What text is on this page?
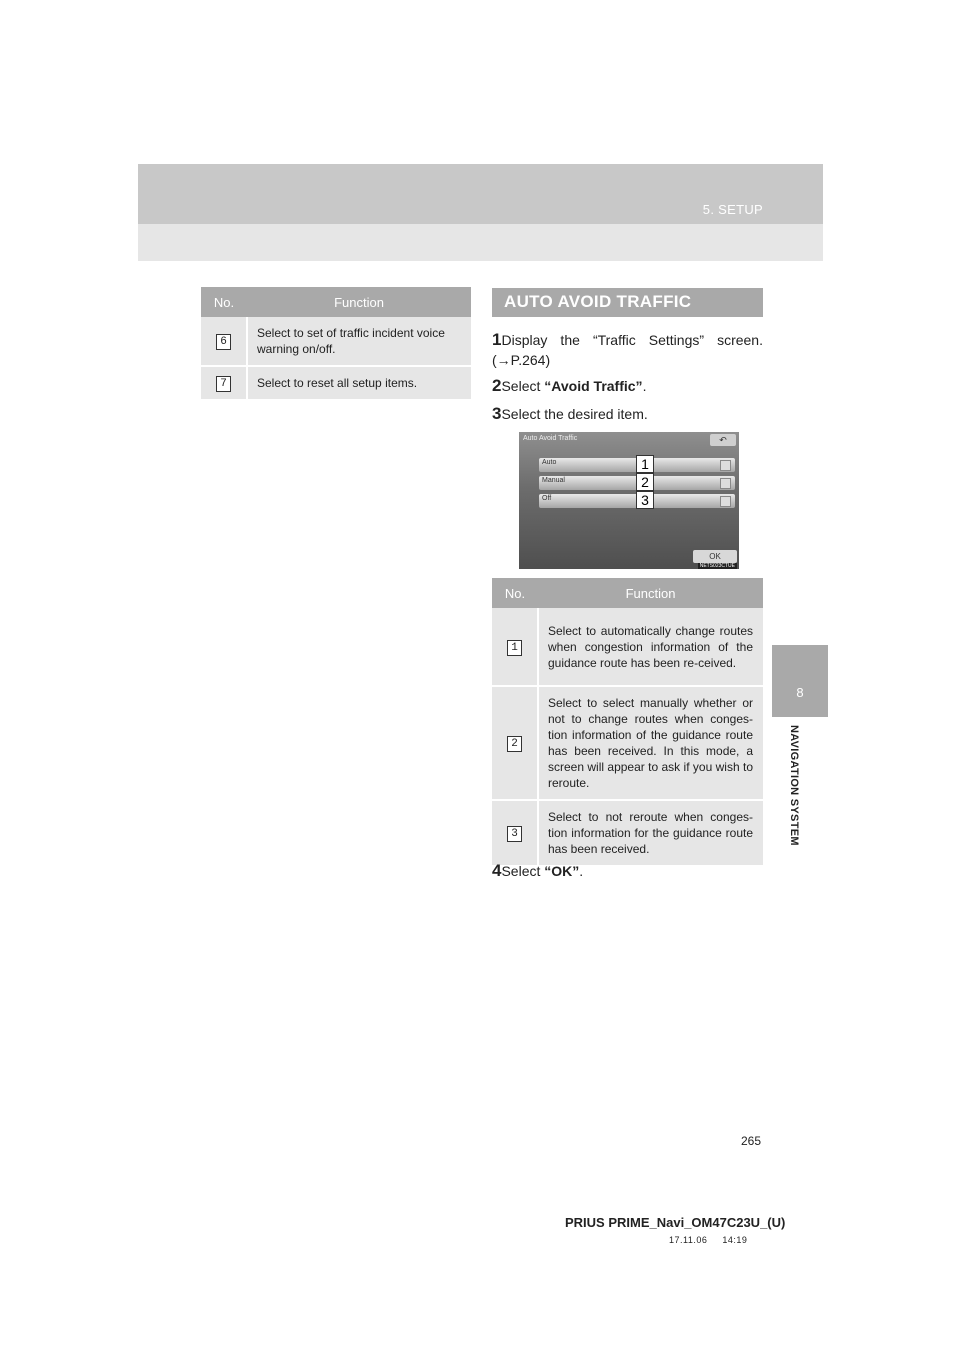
5. SETUP
8
NAVIGATION SYSTEM
No.	Function
6	Select to set of traffic incident voice warning on/off.
7	Select to reset all setup items.
AUTO AVOID TRAFFIC
1Display the “Traffic Settings” screen. (→P.264)
2Select “Avoid Traffic”.
3Select the desired item.
Auto Avoid Traffic	↶
Auto
Manual
Off
OK
NETS023CTUE
1
2
3
No.	Function
1	Select to automatically change routes when congestion information of the guidance route has been re-ceived.
2	Select to select manually whether or not to change routes when conges-tion information of the guidance route has been received. In this mode, a screen will appear to ask if you wish to reroute.
3	Select to not reroute when conges-tion information for the guidance route has been received.
4Select “OK”.
265
PRIUS PRIME_Navi_OM47C23U_(U)
17.11.06     14:19
